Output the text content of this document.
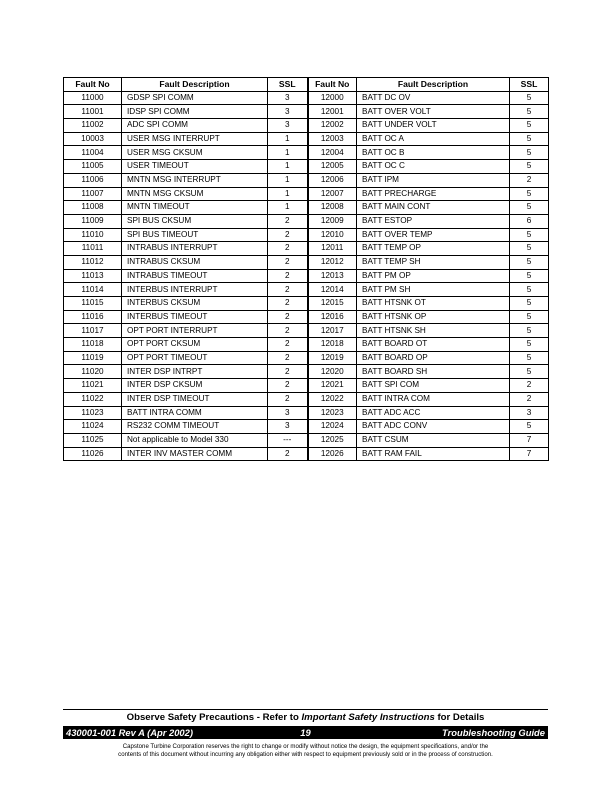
Fault No	Fault Description	SSL	Fault No	Fault Description	SSL
11000	GDSP SPI COMM	3	12000	BATT DC OV	5
11001	IDSP SPI COMM	3	12001	BATT OVER VOLT	5
11002	ADC SPI COMM	3	12002	BATT UNDER VOLT	5
10003	USER MSG INTERRUPT	1	12003	BATT OC A	5
11004	USER MSG CKSUM	1	12004	BATT OC B	5
11005	USER TIMEOUT	1	12005	BATT OC C	5
11006	MNTN MSG INTERRUPT	1	12006	BATT IPM	2
11007	MNTN MSG CKSUM	1	12007	BATT PRECHARGE	5
11008	MNTN TIMEOUT	1	12008	BATT MAIN CONT	5
11009	SPI BUS CKSUM	2	12009	BATT ESTOP	6
11010	SPI BUS TIMEOUT	2	12010	BATT OVER TEMP	5
11011	INTRABUS INTERRUPT	2	12011	BATT TEMP OP	5
11012	INTRABUS CKSUM	2	12012	BATT TEMP SH	5
11013	INTRABUS TIMEOUT	2	12013	BATT PM OP	5
11014	INTERBUS INTERRUPT	2	12014	BATT PM SH	5
11015	INTERBUS CKSUM	2	12015	BATT HTSNK OT	5
11016	INTERBUS TIMEOUT	2	12016	BATT HTSNK OP	5
11017	OPT PORT INTERRUPT	2	12017	BATT HTSNK SH	5
11018	OPT PORT CKSUM	2	12018	BATT BOARD OT	5
11019	OPT PORT TIMEOUT	2	12019	BATT BOARD OP	5
11020	INTER DSP INTRPT	2	12020	BATT BOARD SH	5
11021	INTER DSP CKSUM	2	12021	BATT SPI COM	2
11022	INTER DSP TIMEOUT	2	12022	BATT INTRA COM	2
11023	BATT INTRA COMM	3	12023	BATT ADC ACC	3
11024	RS232 COMM TIMEOUT	3	12024	BATT ADC CONV	5
11025	Not applicable to Model 330	---	12025	BATT CSUM	7
11026	INTER INV MASTER COMM	2	12026	BATT RAM FAIL	7
Observe Safety Precautions - Refer to Important Safety Instructions for Details
430001-001 Rev A (Apr 2002)	19	Troubleshooting Guide
Capstone Turbine Corporation reserves the right to change or modify without notice the design, the equipment specifications, and/or the
contents of this document without incurring any obligation either with respect to equipment previously sold or in the process of construction.
